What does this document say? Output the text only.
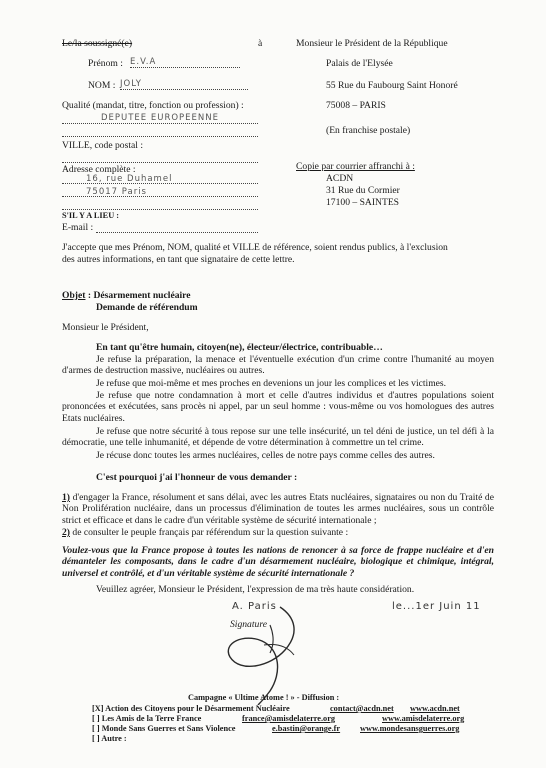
Le/la soussigné(e)	à
Prénom : E.V.A
NOM : JOLY
Qualité (mandat, titre, fonction ou profession) :
DEPUTEE EUROPEENNE
VILLE, code postal :
Adresse complète :
16, rue Duhamel
75017 Paris
S'IL Y A LIEU :
E-mail :
Monsieur le Président de la République
Palais de l'Elysée
55 Rue du Faubourg Saint Honoré
75008 – PARIS
(En franchise postale)
Copie par courrier affranchi à :
ACDN
31 Rue du Cormier
17100 – SAINTES
J'accepte que mes Prénom, NOM, qualité et VILLE de référence, soient rendus publics, à l'exclusion
des autres informations, en tant que signataire de cette lettre.
Objet : Désarmement nucléaire
Demande de référendum
Monsieur le Président,
En tant qu'être humain, citoyen(ne), électeur/électrice, contribuable…
Je refuse la préparation, la menace et l'éventuelle exécution d'un crime contre l'humanité au moyen d'armes de destruction massive, nucléaires ou autres.
Je refuse que moi-même et mes proches en devenions un jour les complices et les victimes.
Je refuse que notre condamnation à mort et celle d'autres individus et d'autres populations soient prononcées et exécutées, sans procès ni appel, par un seul homme : vous-même ou vos homologues des autres Etats nucléaires.
Je refuse que notre sécurité à tous repose sur une telle insécurité, un tel déni de justice, un tel défi à la démocratie, une telle inhumanité, et dépende de votre détermination à commettre un tel crime.
Je récuse donc toutes les armes nucléaires, celles de notre pays comme celles des autres.
C'est pourquoi j'ai l'honneur de vous demander :
1) d'engager la France, résolument et sans délai, avec les autres Etats nucléaires, signataires ou non du Traité de Non Prolifération nucléaire, dans un processus d'élimination de toutes les armes nucléaires, sous un contrôle strict et efficace et dans le cadre d'un véritable système de sécurité internationale ;
2) de consulter le peuple français par référendum sur la question suivante :
Voulez-vous que la France propose à toutes les nations de renoncer à sa force de frappe nucléaire et d'en démanteler les composants, dans le cadre d'un désarmement nucléaire, biologique et chimique, intégral, universel et contrôlé, et d'un véritable système de sécurité internationale ?
Veuillez agréer, Monsieur le Président, l'expression de ma très haute considération.
A. Paris	le...1er Juin 11
Signature
Campagne « Ultime Atome ! » - Diffusion :
[X] Action des Citoyens pour le Désarmement Nucléaire	contact@acdn.net www.acdn.net
[ ] Les Amis de la Terre France	france@amisdelaterre.org	www.amisdelaterre.org
[ ] Monde Sans Guerres et Sans Violence	e.bastin@orange.fr www.mondesansguerres.org
[ ] Autre :
